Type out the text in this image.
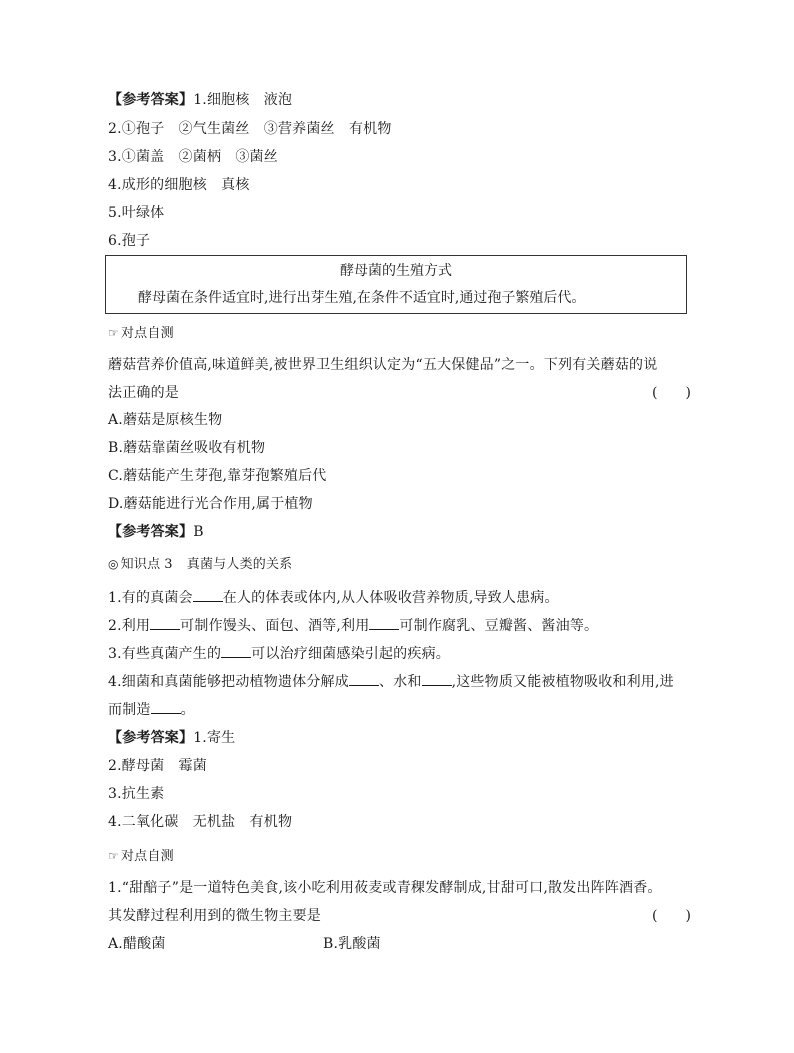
【参考答案】1.细胞核　液泡
2.①孢子　②气生菌丝　③营养菌丝　有机物
3.①菌盖　②菌柄　③菌丝
4.成形的细胞核　真核
5.叶绿体
6.孢子
酵母菌的生殖方式
酵母菌在条件适宜时,进行出芽生殖,在条件不适宜时,通过孢子繁殖后代。
☞ 对点自测
蘑菇营养价值高,味道鲜美,被世界卫生组织认定为“五大保健品”之一。下列有关蘑菇的说
法正确的是	(　　)
A.蘑菇是原核生物
B.蘑菇靠菌丝吸收有机物
C.蘑菇能产生芽孢,靠芽孢繁殖后代
D.蘑菇能进行光合作用,属于植物
【参考答案】B
◎ 知识点 3 真菌与人类的关系
1.有的真菌会 在人的体表或体内,从人体吸收营养物质,导致人患病。
2.利用 可制作馒头、面包、酒等,利用 可制作腐乳、豆瓣酱、酱油等。
3.有些真菌产生的 可以治疗细菌感染引起的疾病。
4.细菌和真菌能够把动植物遗体分解成 、水和 ,这些物质又能被植物吸收和利用,进
而制造 。
【参考答案】1.寄生
2.酵母菌　霉菌
3.抗生素
4.二氧化碳　无机盐　有机物
☞ 对点自测
1.“甜醅子”是一道特色美食,该小吃利用莜麦或青稞发酵制成,甘甜可口,散发出阵阵酒香。
其发酵过程利用到的微生物主要是	(　　)
A.醋酸菌	B.乳酸菌
